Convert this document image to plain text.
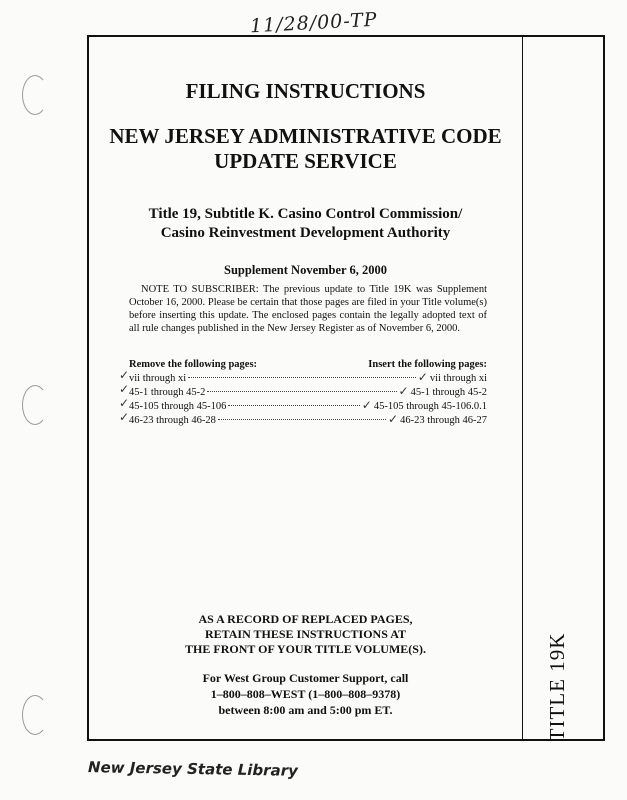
11/28/00-TP
FILING INSTRUCTIONS
NEW JERSEY ADMINISTRATIVE CODE
UPDATE SERVICE
Title 19, Subtitle K. Casino Control Commission/
Casino Reinvestment Development Authority
Supplement November 6, 2000
NOTE TO SUBSCRIBER: The previous update to Title 19K was Supplement October 16, 2000. Please be certain that those pages are filed in your Title volume(s) before inserting this update. The enclosed pages contain the legally adopted text of all rule changes published in the New Jersey Register as of November 6, 2000.
Remove the following pages:	Insert the following pages:
✓ vii through xi	✓ vii through xi
✓ 45-1 through 45-2	✓ 45-1 through 45-2
✓ 45-105 through 45-106	✓ 45-105 through 45-106.0.1
✓ 46-23 through 46-28	✓ 46-23 through 46-27
AS A RECORD OF REPLACED PAGES,
RETAIN THESE INSTRUCTIONS AT
THE FRONT OF YOUR TITLE VOLUME(S).
For West Group Customer Support, call
1–800–808–WEST (1–800–808–9378)
between 8:00 am and 5:00 pm ET.	TITLE 19K
New Jersey State Library
